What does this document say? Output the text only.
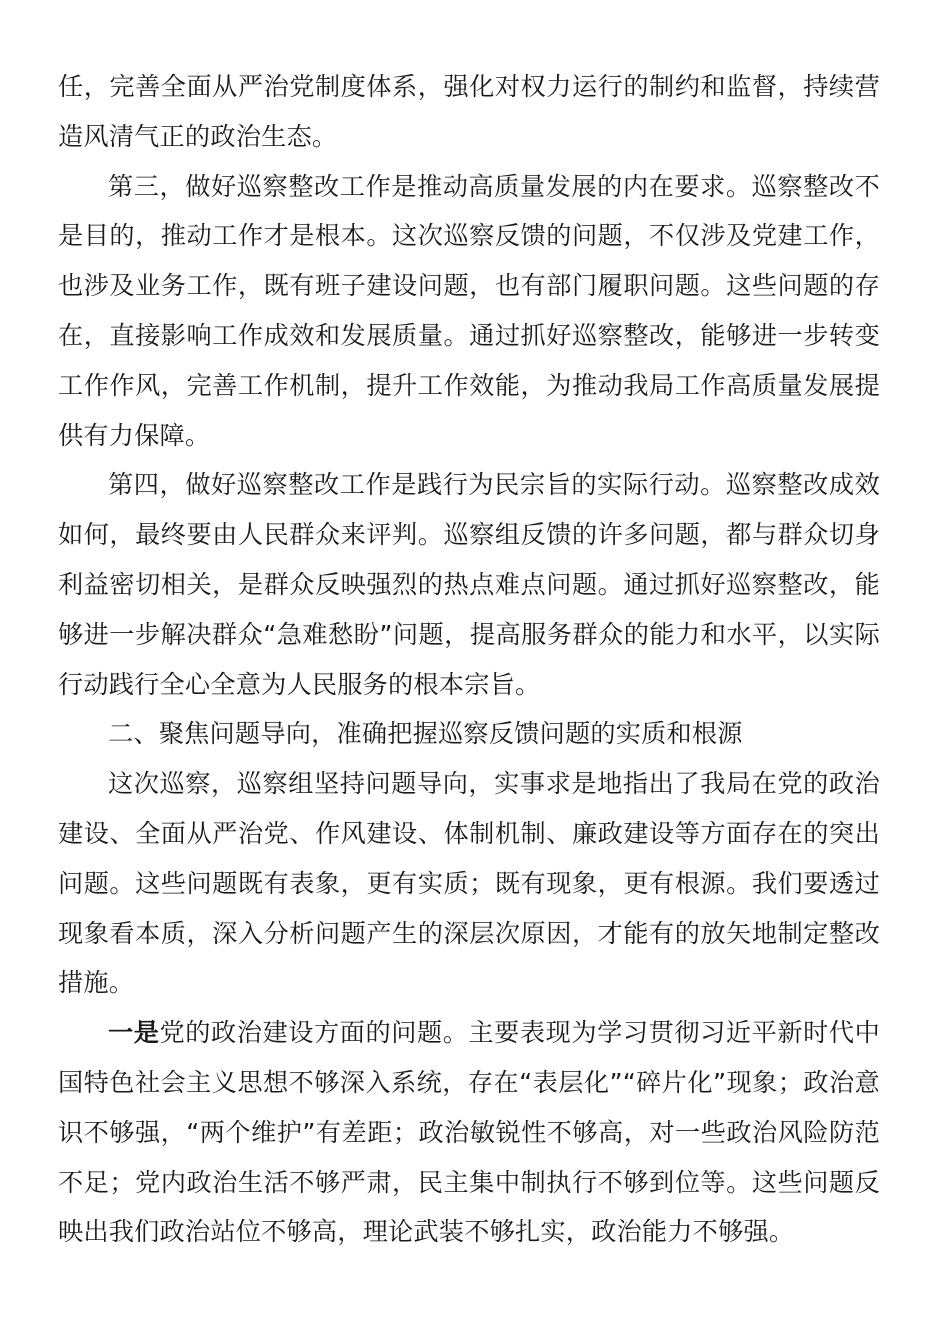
任，完善全面从严治党制度体系，强化对权力运行的制约和监督，持续营造风清气正的政治生态。

第三，做好巡察整改工作是推动高质量发展的内在要求。巡察整改不是目的，推动工作才是根本。这次巡察反馈的问题，不仅涉及党建工作，也涉及业务工作，既有班子建设问题，也有部门履职问题。这些问题的存在，直接影响工作成效和发展质量。通过抓好巡察整改，能够进一步转变工作作风，完善工作机制，提升工作效能，为推动我局工作高质量发展提供有力保障。

第四，做好巡察整改工作是践行为民宗旨的实际行动。巡察整改成效如何，最终要由人民群众来评判。巡察组反馈的许多问题，都与群众切身利益密切相关，是群众反映强烈的热点难点问题。通过抓好巡察整改，能够进一步解决群众“急难愁盼”问题，提高服务群众的能力和水平，以实际行动践行全心全意为人民服务的根本宗旨。

二、聚焦问题导向，准确把握巡察反馈问题的实质和根源

这次巡察，巡察组坚持问题导向，实事求是地指出了我局在党的政治建设、全面从严治党、作风建设、体制机制、廉政建设等方面存在的突出问题。这些问题既有表象，更有实质；既有现象，更有根源。我们要透过现象看本质，深入分析问题产生的深层次原因，才能有的放矢地制定整改措施。

一是党的政治建设方面的问题。主要表现为学习贯彻习近平新时代中国特色社会主义思想不够深入系统，存在“表层化”“碎片化”现象；政治意识不够强，“两个维护”有差距；政治敏锐性不够高，对一些政治风险防范不足；党内政治生活不够严肃，民主集中制执行不够到位等。这些问题反映出我们政治站位不够高，理论武装不够扎实，政治能力不够强。
